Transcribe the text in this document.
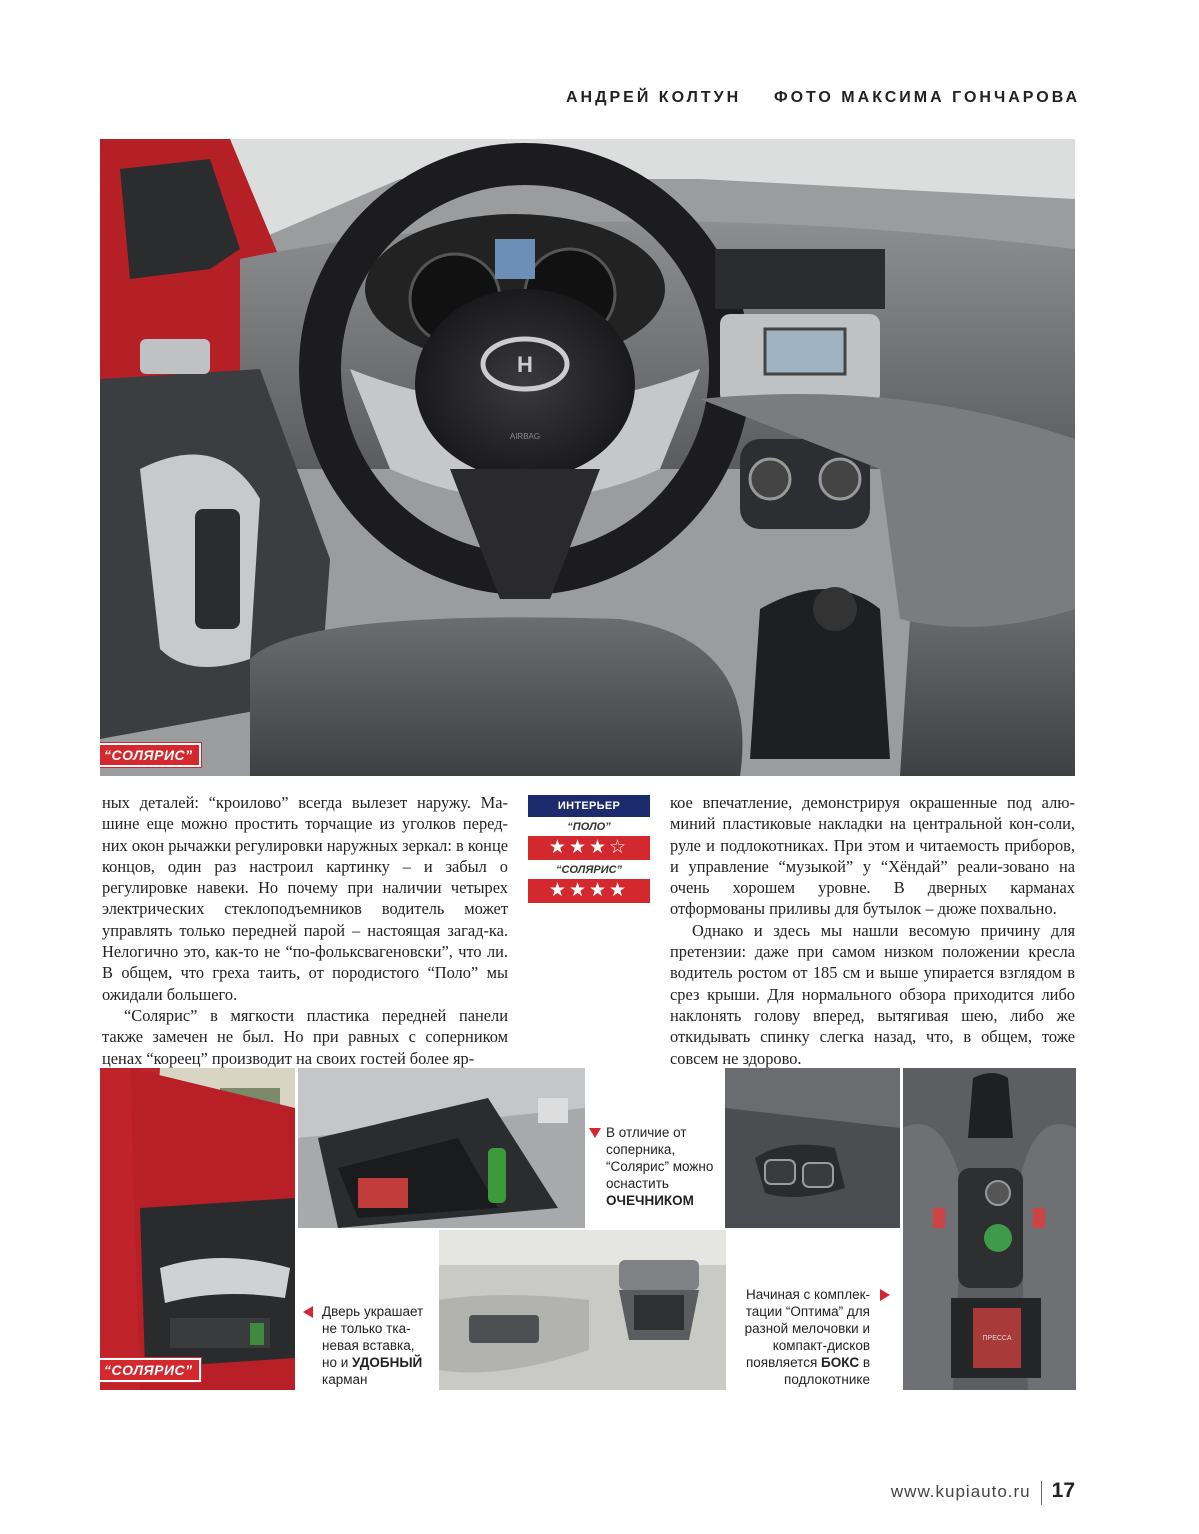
АНДРЕЙ КОЛТУН ФОТО МАКСИМА ГОНЧАРОВА
H
AIRBAG
“СОЛЯРИС”

ных деталей: “кроилово” всегда вылезет наружу. Ма-шине еще можно простить торчащие из уголков перед-них окон рычажки регулировки наружных зеркал: в конце концов, один раз настроил картинку – и забыл о регулировке навеки. Но почему при наличии четырех электрических стеклоподъемников водитель может управлять только передней парой – настоящая загад-ка. Нелогично это, как-то не “по-фольксвагеновски”, что ли. В общем, что греха таить, от породистого “Поло” мы ожидали большего.

“Солярис” в мягкости пластика передней панели также замечен не был. Но при равных с соперником ценах “кореец” производит на своих гостей более яр-

ИНТЕРЬЕР
“ПОЛО”
★★★☆
“СОЛЯРИС”
★★★★

кое впечатление, демонстрируя окрашенные под алю-миний пластиковые накладки на центральной кон-соли, руле и подлокотниках. При этом и читаемость приборов, и управление “музыкой” у “Хёндай” реали-зовано на очень хорошем уровне. В дверных карманах отформованы приливы для бутылок – дюже похвально.

Однако и здесь мы нашли весомую причину для претензии: даже при самом низком положении кресла водитель ростом от 185 см и выше упирается взглядом в срез крыши. Для нормального обзора приходится либо наклонять голову вперед, вытягивая шею, либо же откидывать спинку слегка назад, что, в общем, тоже совсем не здорово.

“СОЛЯРИС”
В отличие от соперника, “Солярис” можно оснастить ОЧЕЧНИКОМ
ПРЕССА
Дверь украшает не только тка-невая вставка, но и УДОБНЫЙ карман
Начиная с комплек-тации “Оптима” для разной мелочовки и компакт-дисков появляется БОКС в подлокотнике
www.kupiauto.ru 17
